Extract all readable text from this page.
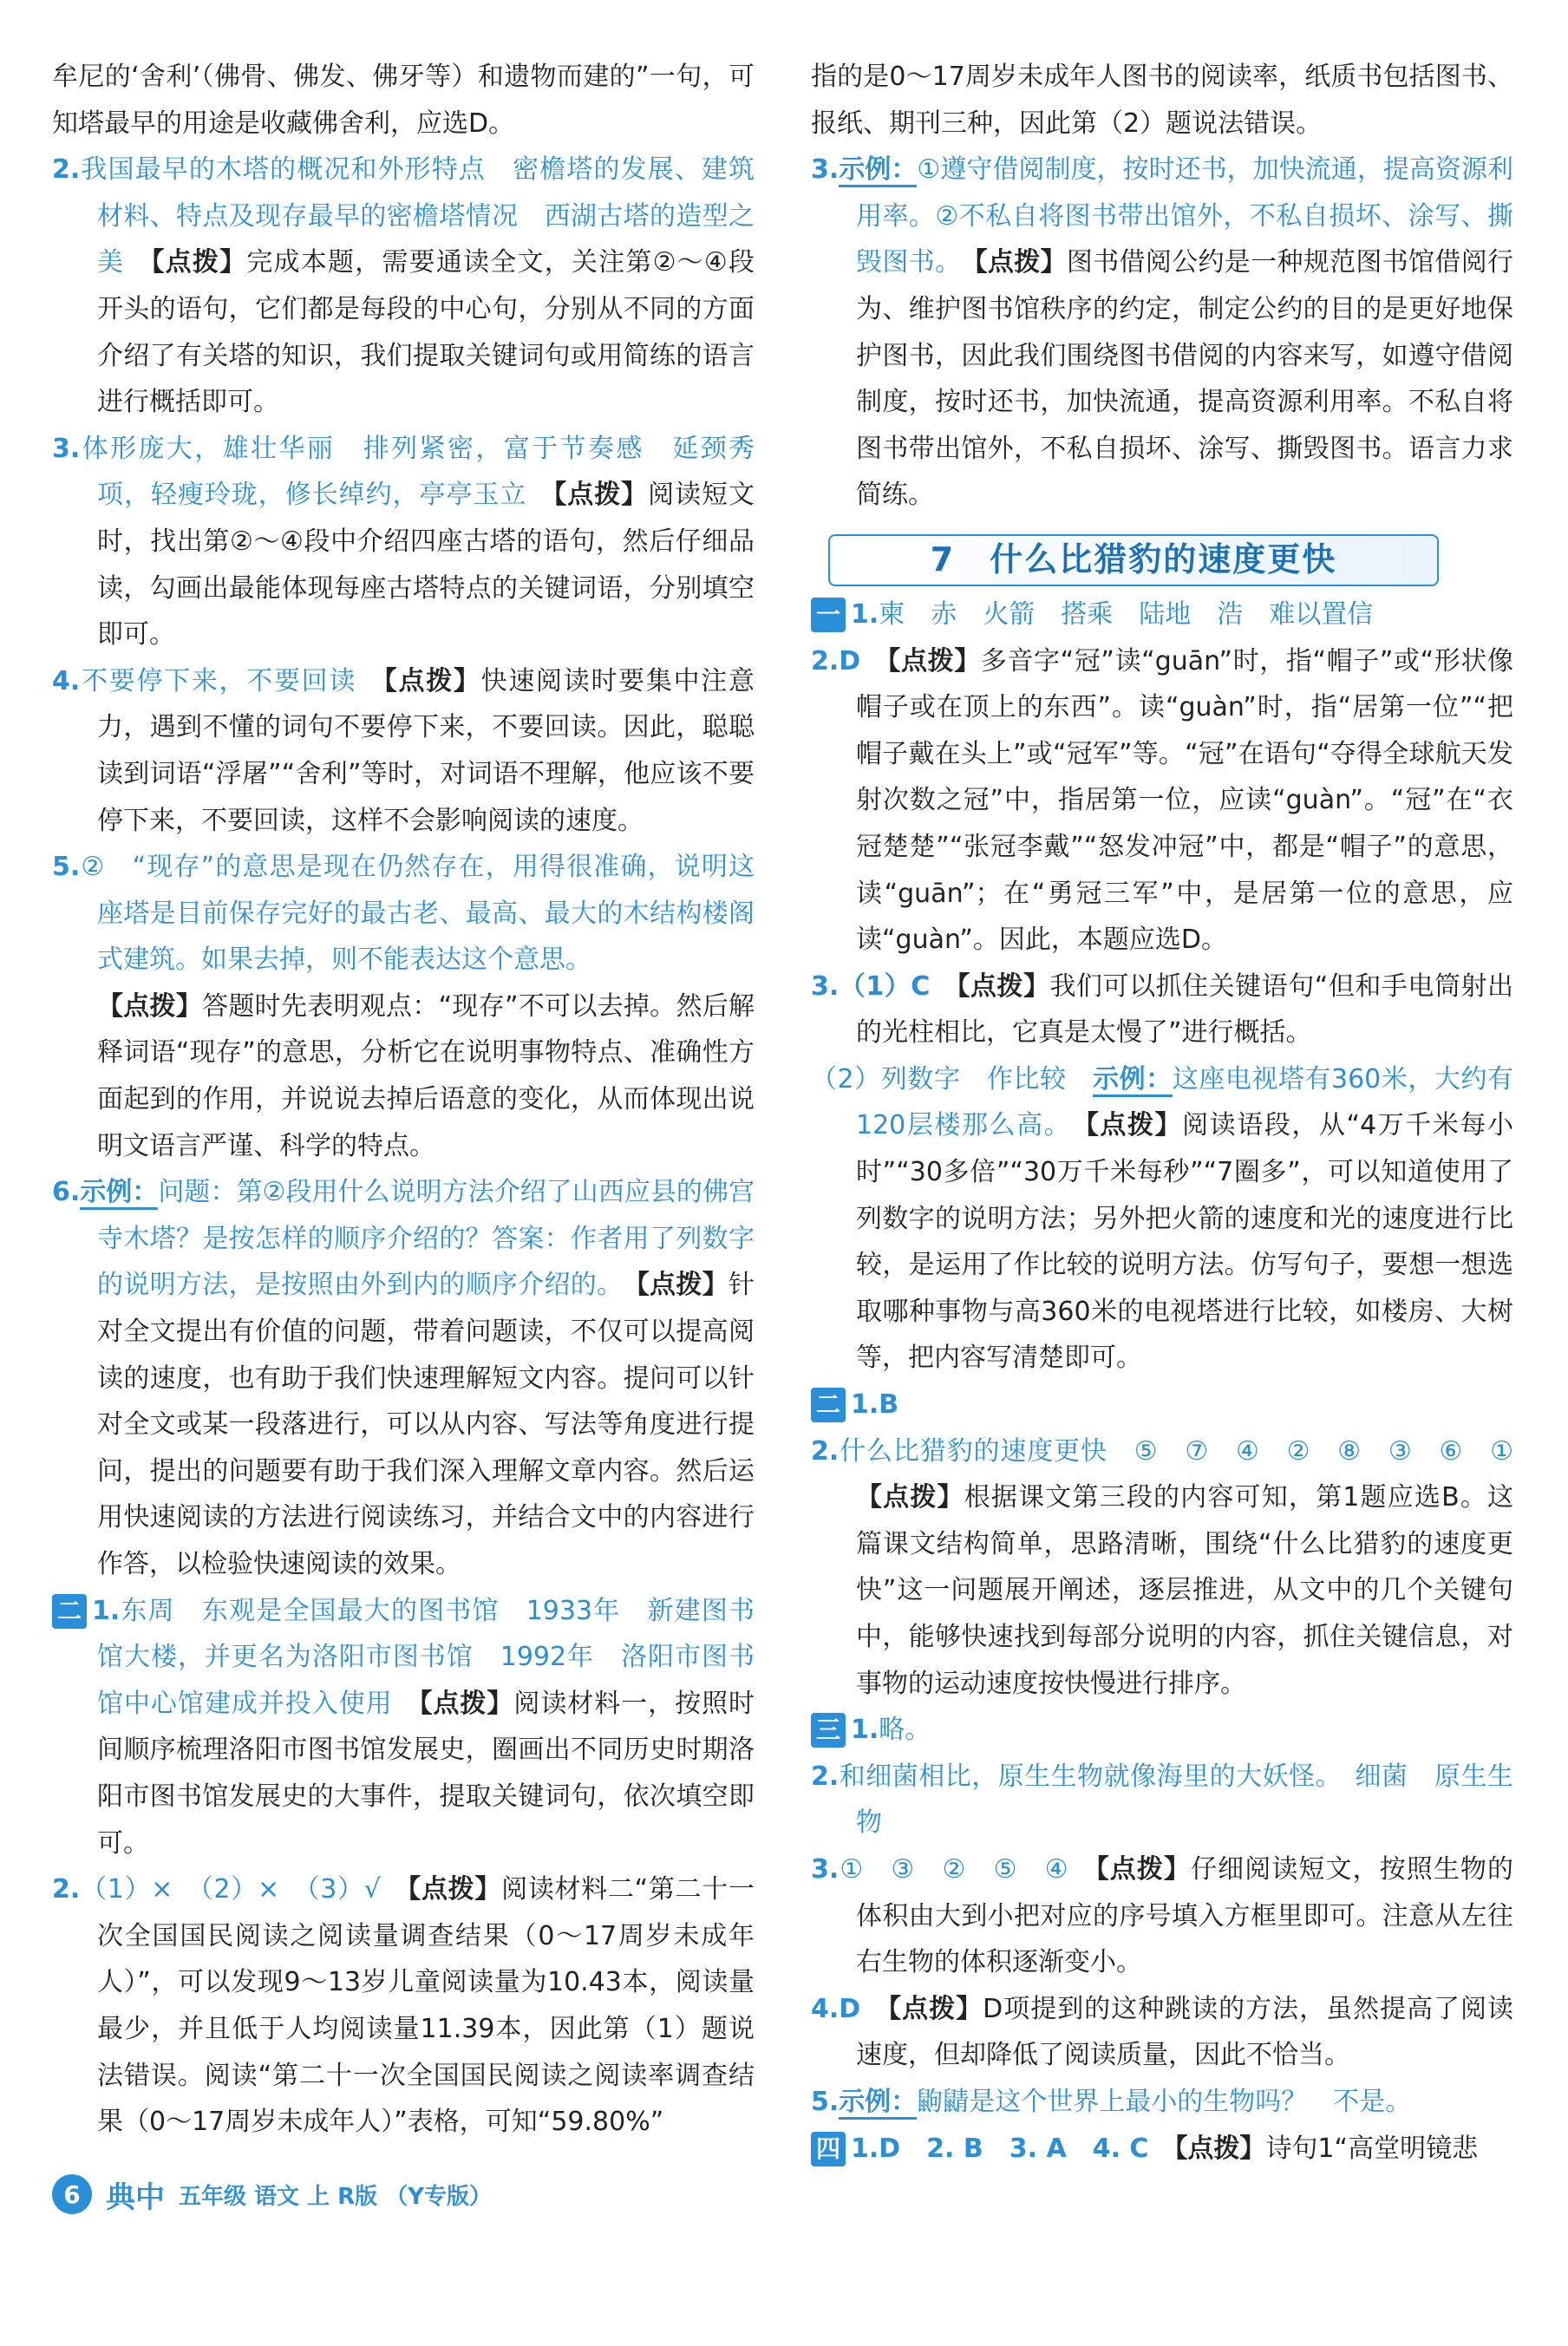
牟尼的‘舍利’（佛骨、佛发、佛牙等）和遗物而建的”一句，可知塔最早的用途是收藏佛舍利，应选D。

2.我国最早的木塔的概况和外形特点　密檐塔的发展、建筑材料、特点及现存最早的密檐塔情况　西湖古塔的造型之美　 【点拨】完成本题，需要通读全文，关注第②～④段开头的语句，它们都是每段的中心句，分别从不同的方面介绍了有关塔的知识，我们提取关键词句或用简练的语言进行概括即可。

3.体形庞大，雄壮华丽　排列紧密，富于节奏感　延颈秀项，轻瘦玲珑，修长绰约，亭亭玉立　 【点拨】阅读短文时，找出第②～④段中介绍四座古塔的语句，然后仔细品读，勾画出最能体现每座古塔特点的关键词语，分别填空即可。

4.不要停下来，不要回读　 【点拨】快速阅读时要集中注意力，遇到不懂的词句不要停下来，不要回读。因此，聪聪读到词语“浮屠”“舍利”等时，对词语不理解，他应该不要停下来，不要回读，这样不会影响阅读的速度。

5.②　“现存”的意思是现在仍然存在，用得很准确，说明这座塔是目前保存完好的最古老、最高、最大的木结构楼阁式建筑。如果去掉，则不能表达这个意思。
【点拨】答题时先表明观点：“现存”不可以去掉。然后解释词语“现存”的意思，分析它在说明事物特点、准确性方面起到的作用，并说说去掉后语意的变化，从而体现出说明文语言严谨、科学的特点。

6.示例：问题：第②段用什么说明方法介绍了山西应县的佛宫寺木塔？是按怎样的顺序介绍的？答案：作者用了列数字的说明方法，是按照由外到内的顺序介绍的。　 【点拨】针对全文提出有价值的问题，带着问题读，不仅可以提高阅读的速度，也有助于我们快速理解短文内容。提问可以针对全文或某一段落进行，可以从内容、写法等角度进行提问，提出的问题要有助于我们深入理解文章内容。然后运用快速阅读的方法进行阅读练习，并结合文中的内容进行作答，以检验快速阅读的效果。

二 1.东周　东观是全国最大的图书馆　1933年　新建图书馆大楼，并更名为洛阳市图书馆　1992年　洛阳市图书馆中心馆建成并投入使用　 【点拨】阅读材料一，按照时间顺序梳理洛阳市图书馆发展史，圈画出不同历史时期洛阳市图书馆发展史的大事件，提取关键词句，依次填空即可。

2.（1）×　（2）×　（3）√　 【点拨】阅读材料二“第二十一次全国国民阅读之阅读量调查结果（0～17周岁未成年人）”，可以发现9～13岁儿童阅读量为10.43本，阅读量最少，并且低于人均阅读量11.39本，因此第（1）题说法错误。阅读“第二十一次全国国民阅读之阅读率调查结果（0～17周岁未成年人）”表格，可知“59.80%”

指的是0～17周岁未成年人图书的阅读率，纸质书包括图书、报纸、期刊三种，因此第（2）题说法错误。

3.示例：①遵守借阅制度，按时还书，加快流通，提高资源利用率。②不私自将图书带出馆外，不私自损坏、涂写、撕毁图书。　 【点拨】图书借阅公约是一种规范图书馆借阅行为、维护图书馆秩序的约定，制定公约的目的是更好地保护图书，因此我们围绕图书借阅的内容来写，如遵守借阅制度，按时还书，加快流通，提高资源利用率。不私自将图书带出馆外，不私自损坏、涂写、撕毁图书。语言力求简练。

7　什么比猎豹的速度更快

一 1.柬　赤　火箭　搭乘　陆地　浩　难以置信

2.D　 【点拨】多音字“冠”读“guān”时，指“帽子”或“形状像帽子或在顶上的东西”。读“guàn”时，指“居第一位”“把帽子戴在头上”或“冠军”等。“冠”在语句“夺得全球航天发射次数之冠”中，指居第一位，应读“guàn”。“冠”在“衣冠楚楚”“张冠李戴”“怒发冲冠”中，都是“帽子”的意思，读“guān”；在“勇冠三军”中，是居第一位的意思，应读“guàn”。因此，本题应选D。

3.（1）C　 【点拨】我们可以抓住关键语句“但和手电筒射出的光柱相比，它真是太慢了”进行概括。

（2）列数字　作比较　示例：这座电视塔有360米，大约有120层楼那么高。　 【点拨】阅读语段，从“4万千米每小时”“30多倍”“30万千米每秒”“7圈多”，可以知道使用了列数字的说明方法；另外把火箭的速度和光的速度进行比较，是运用了作比较的说明方法。仿写句子，要想一想选取哪种事物与高360米的电视塔进行比较，如楼房、大树等，把内容写清楚即可。

二 1.B

2.什么比猎豹的速度更快　⑤　⑦　④　②　⑧　③　⑥　①　【点拨】根据课文第三段的内容可知，第1题应选B。这篇课文结构简单，思路清晰，围绕“什么比猎豹的速度更快”这一问题展开阐述，逐层推进，从文中的几个关键句中，能够快速找到每部分说明的内容，抓住关键信息，对事物的运动速度按快慢进行排序。

三 1.略。

2.和细菌相比，原生生物就像海里的大妖怪。　细菌　原生生物

3.①　③　②　⑤　④　 【点拨】仔细阅读短文，按照生物的体积由大到小把对应的序号填入方框里即可。注意从左往右生物的体积逐渐变小。

4.D　 【点拨】D项提到的这种跳读的方法，虽然提高了阅读速度，但却降低了阅读质量，因此不恰当。

5.示例：鼩鼱是这个世界上最小的生物吗？　不是。

四 1.D　2. B　3. A　4. C　 【点拨】诗句1“高堂明镜悲

6 典中 五年级 语文 上 R版 （Y专版）
